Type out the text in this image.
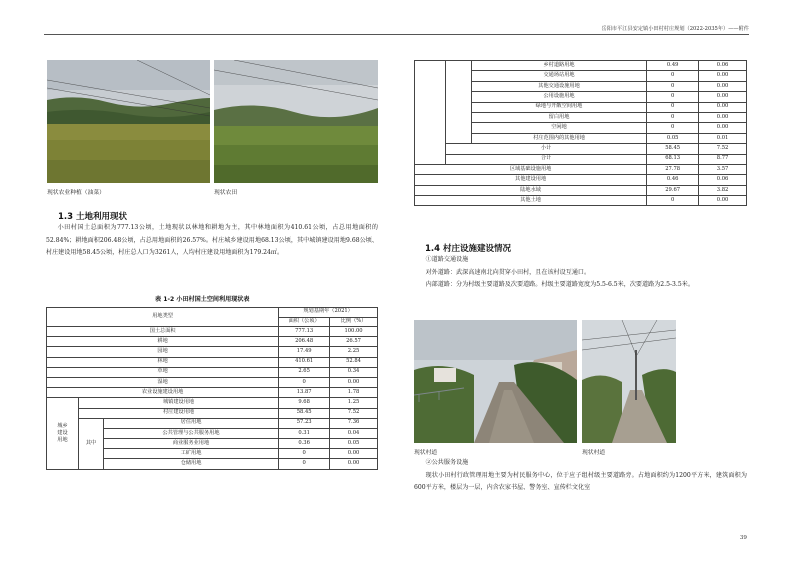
岳阳市平江县安定镇小田村村庄规划（2022-2035年）——附件
现状农业种植（油菜）	现状农田
1.3 土地利用现状

小田村国土总面积为777.13公顷，土地现状以林地和耕地为主，其中林地面积为410.61公顷，占总用地面积的52.84%；耕地面积206.48公顷，占总用地面积的26.57%。村庄城乡建设用地68.13公顷，其中城镇建设用地9.68公顷、村庄建设用地58.45公顷，村庄总人口为3261人，人均村庄建设用地面积为179.24㎡。

表 1-2 小田村国土空间利用现状表
用地类型			规划基期年（2021）	
			面积（公顷）	比例（%）
国土总面积			777.13	100.00
耕地			206.48	26.57
园地			17.49	2.25
林地			410.61	52.84
草地			2.65	0.34
湿地			0	0.00
农业设施建设用地			13.87	1.78
城乡建设用地	城镇建设用地		9.68	1.25
	村庄建设用地		58.45	7.52
	其中	居住用地	57.23	7.36
		公共管理与公共服务用地	0.31	0.04
		商业服务业用地	0.36	0.05
		工矿用地	0	0.00
		仓储用地	0	0.00
		乡村道路用地	0.49	0.06
		交通场站用地	0	0.00
		其他交通设施用地	0	0.00
		公用设施用地	0	0.00
		绿地与开敞空间用地	0	0.00
		留白用地	0	0.00
		空闲地	0	0.00
		村庄范围内的其他用地	0.05	0.01
	小计		58.45	7.52
	合计		68.13	8.77
区域基础设施用地			27.78	3.57
其他建设用地			0.46	0.06
陆地水域			29.67	3.82
其他土地			0	0.00
1.4 村庄设施建设情况

①道路交通设施

对外道路：武深高速南北向贯穿小田村，且在该村设互通口。

内部道路：分为村级主要道路及次要道路。村级主要道路宽度为5.5-6.5米，次要道路为2.5-3.5米。

现状村道	现状村道

②公共服务设施

现状小田村行政管理用地主要为村民服务中心，位于应子组村级主要道路旁。占地面积约为1200平方米，建筑面积为600平方米，楼层为一层，内含农家书屋、警务室、宣传栏文化室

39
